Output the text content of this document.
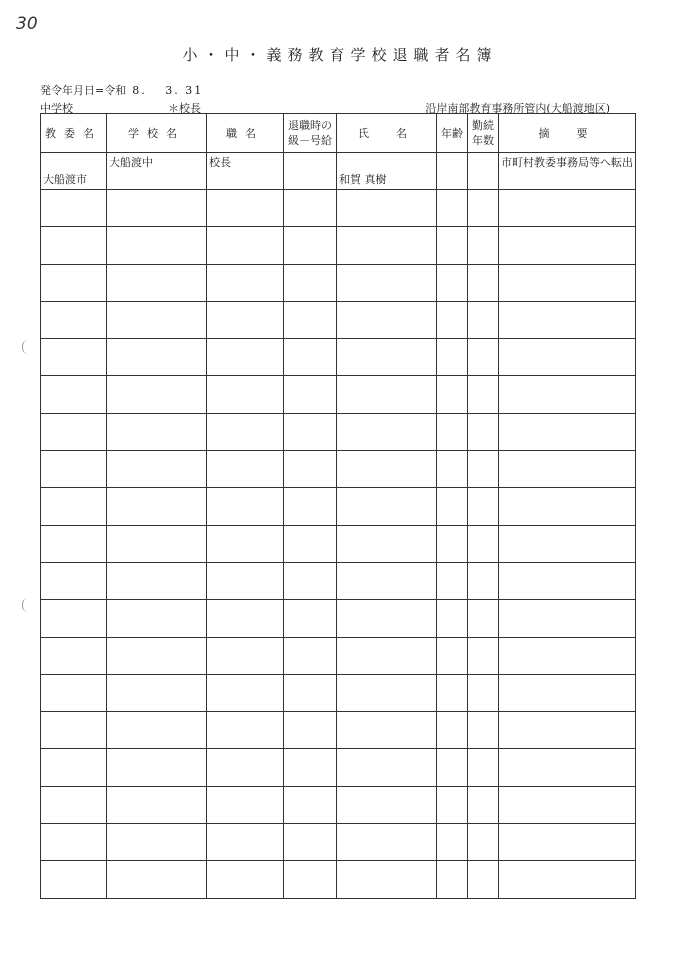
30
小・中・義務教育学校退職者名簿
発令年月日=令和 8.　 3. 31
中学校	＊校長	沿岸南部教育事務所管内(大船渡地区)
教委名	学校名	職名	退職時の級－号給	氏　名	年齢	勤続年数	摘　要

大船渡市	大船渡中	校長		和賀 真樹			市町村教委事務局等へ転出
